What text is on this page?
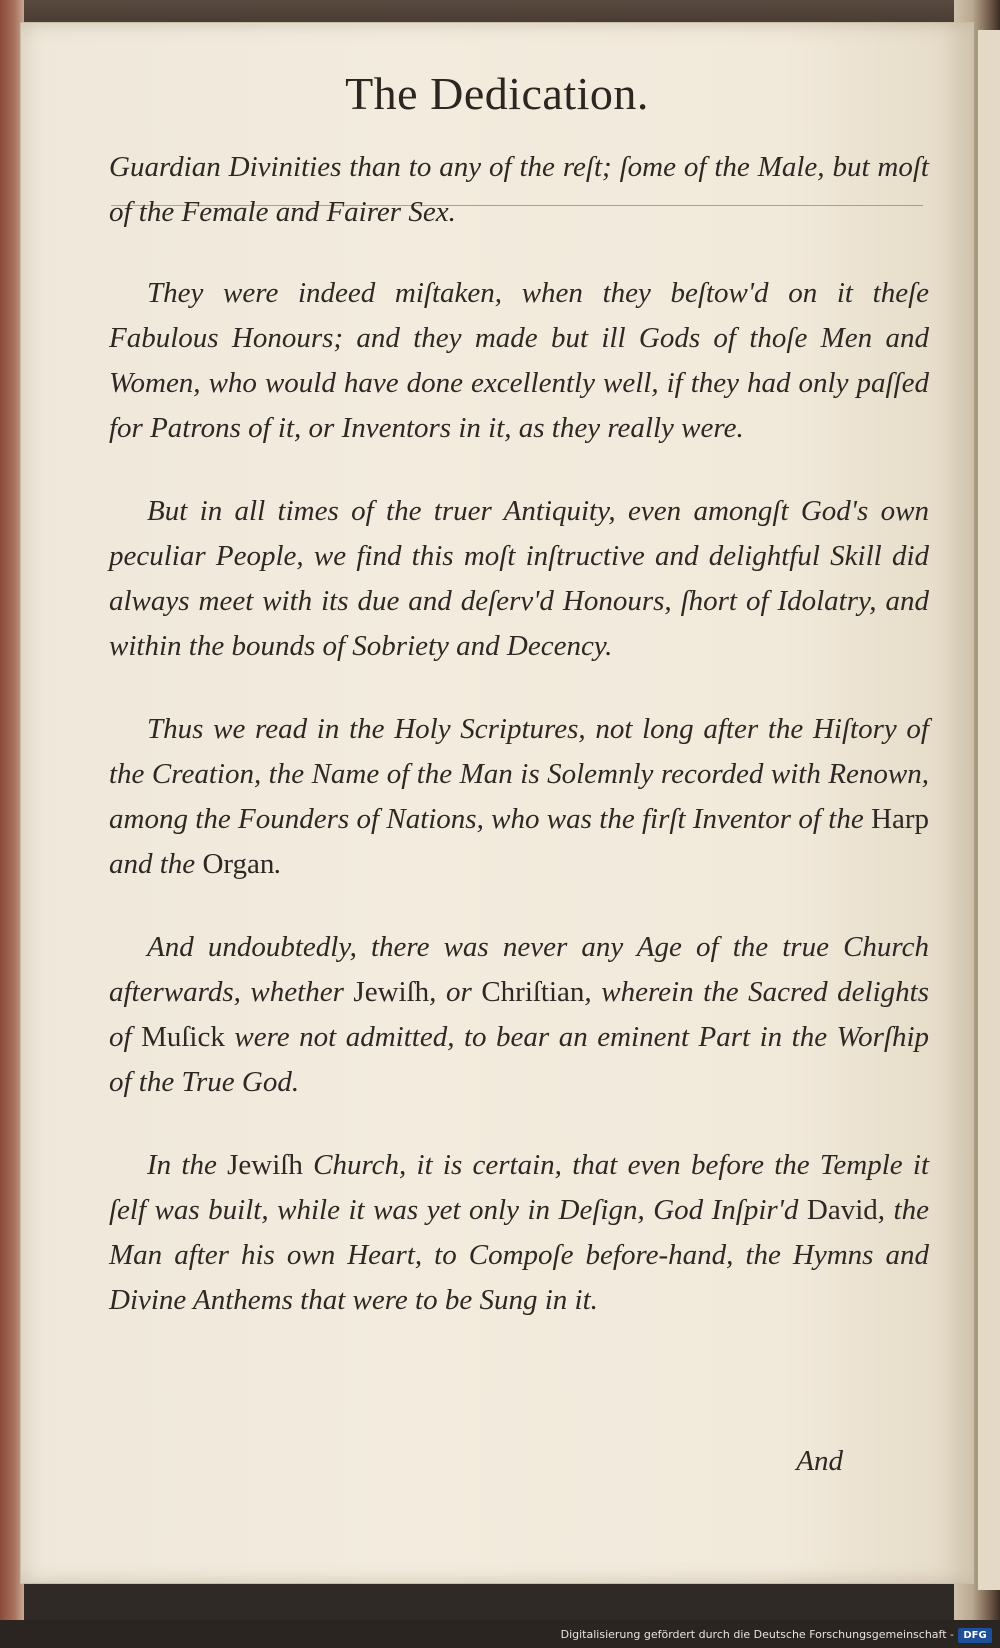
The Dedication.

Guardian Divinities than to any of the reſt; ſome of the Male, but moſt of the Female and Fairer Sex.

They were indeed miſtaken, when they beſtow'd on it theſe Fabulous Honours; and they made but ill Gods of thoſe Men and Women, who would have done excellently well, if they had only paſſed for Patrons of it, or Inventors in it, as they really were.

But in all times of the truer Antiquity, even amongſt God's own peculiar People, we find this moſt inſtructive and delightful Skill did always meet with its due and deſerv'd Honours, ſhort of Idolatry, and within the bounds of Sobriety and Decency.

Thus we read in the Holy Scriptures, not long after the Hiſtory of the Creation, the Name of the Man is Solemnly recorded with Renown, among the Founders of Nations, who was the firſt Inventor of the Harp and the Organ.

And undoubtedly, there was never any Age of the true Church afterwards, whether Jewiſh, or Chriſtian, wherein the Sacred delights of Muſick were not admitted, to bear an eminent Part in the Worſhip of the True God.

In the Jewiſh Church, it is certain, that even before the Temple it ſelf was built, while it was yet only in Deſign, God Inſpir'd David, the Man after his own Heart, to Compoſe before-hand, the Hymns and Divine Anthems that were to be Sung in it.

And
Digitalisierung gefördert durch die Deutsche Forschungsgemeinschaft - DFG
